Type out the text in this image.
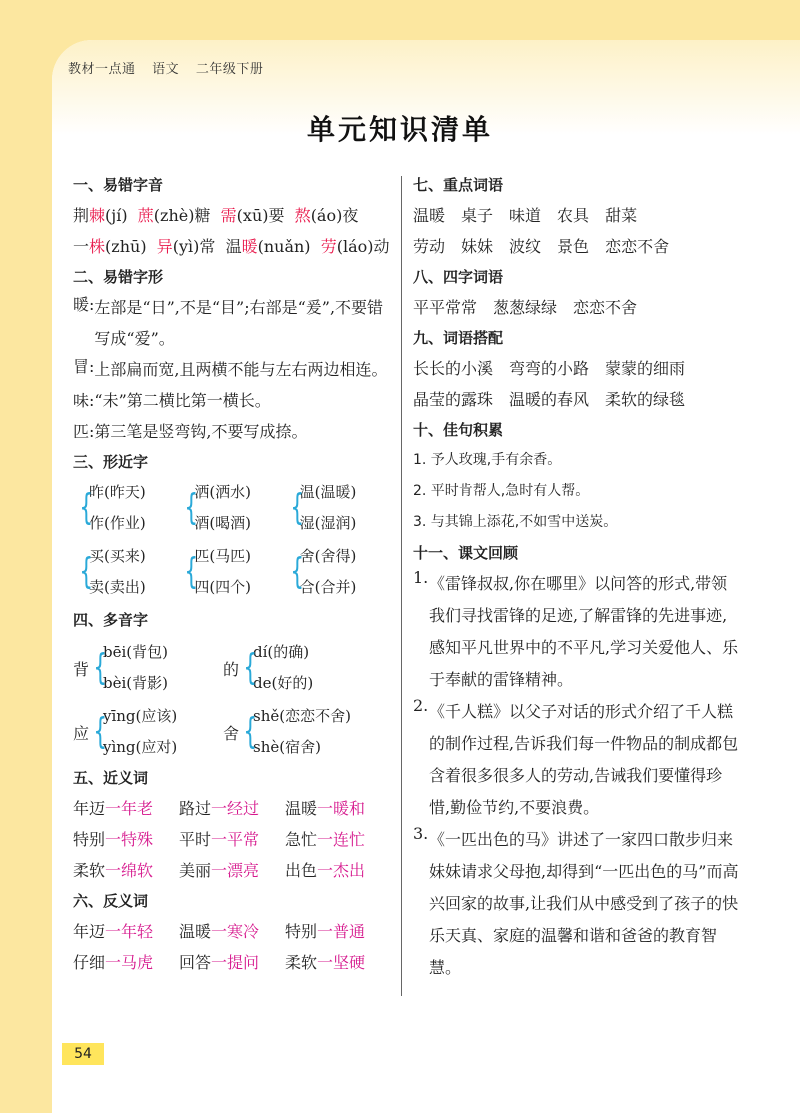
教材一点通 语文 二年级下册
单元知识清单
一、易错字音
荆棘(jí)  蔗(zhè)糖  需(xū)要  熬(áo)夜
一株(zhū)  异(yì)常  温暖(nuǎn)  劳(láo)动
二、易错字形
暖: 左部是“日”,不是“目”;右部是“爰”,不要错写成“爱”。
冒: 上部扁而宽,且两横不能与左右两边相连。
味:“未”第二横比第一横长。
匹:第三笔是竖弯钩,不要写成捺。
三、形近字
{
昨(昨天)
作(作业) {
洒(洒水)
酒(喝酒) {
温(温暖)
湿(湿润)
{
买(买来)
卖(卖出) {
匹(马匹)
四(四个) {
舍(舍得)
合(合并)
四、多音字
背 {
bēi(背包)
bèi(背影)
的 {
dí(的确)
de(好的)
应 {
yīng(应该)
yìng(应对)
舍 {
shě(恋恋不舍)
shè(宿舍)
五、近义词
年迈一年老 路过一经过 温暖一暖和
特别一特殊 平时一平常 急忙一连忙
柔软一绵软 美丽一漂亮 出色一杰出
六、反义词
年迈一年轻 温暖一寒冷 特别一普通
仔细一马虎 回答一提问 柔软一坚硬
七、重点词语
温暖 桌子 味道 农具 甜菜
劳动 妹妹 波纹 景色 恋恋不舍
八、四字词语
平平常常 葱葱绿绿 恋恋不舍
九、词语搭配
长长的小溪 弯弯的小路 蒙蒙的细雨
晶莹的露珠 温暖的春风 柔软的绿毯
十、佳句积累
1. 予人玫瑰,手有余香。
2. 平时肯帮人,急时有人帮。
3. 与其锦上添花,不如雪中送炭。
十一、课文回顾
1. 《雷锋叔叔,你在哪里》以问答的形式,带领我们寻找雷锋的足迹,了解雷锋的先进事迹,感知平凡世界中的不平凡,学习关爱他人、乐于奉献的雷锋精神。
2. 《千人糕》以父子对话的形式介绍了千人糕的制作过程,告诉我们每一件物品的制成都包含着很多很多人的劳动,告诫我们要懂得珍惜,勤俭节约,不要浪费。
3. 《一匹出色的马》讲述了一家四口散步归来妹妹请求父母抱,却得到“一匹出色的马”而高兴回家的故事,让我们从中感受到了孩子的快乐天真、家庭的温馨和谐和爸爸的教育智慧。
54
